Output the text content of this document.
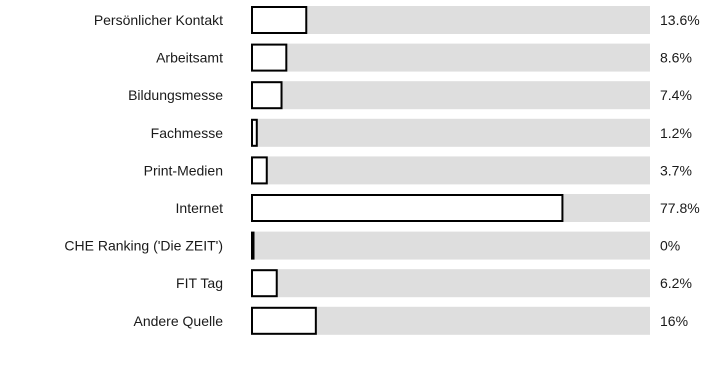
Persönlicher Kontakt	13.6%
Arbeitsamt	8.6%
Bildungsmesse	7.4%
Fachmesse	1.2%
Print-Medien	3.7%
Internet	77.8%
CHE Ranking ('Die ZEIT')	0%
FIT Tag	6.2%
Andere Quelle	16%
